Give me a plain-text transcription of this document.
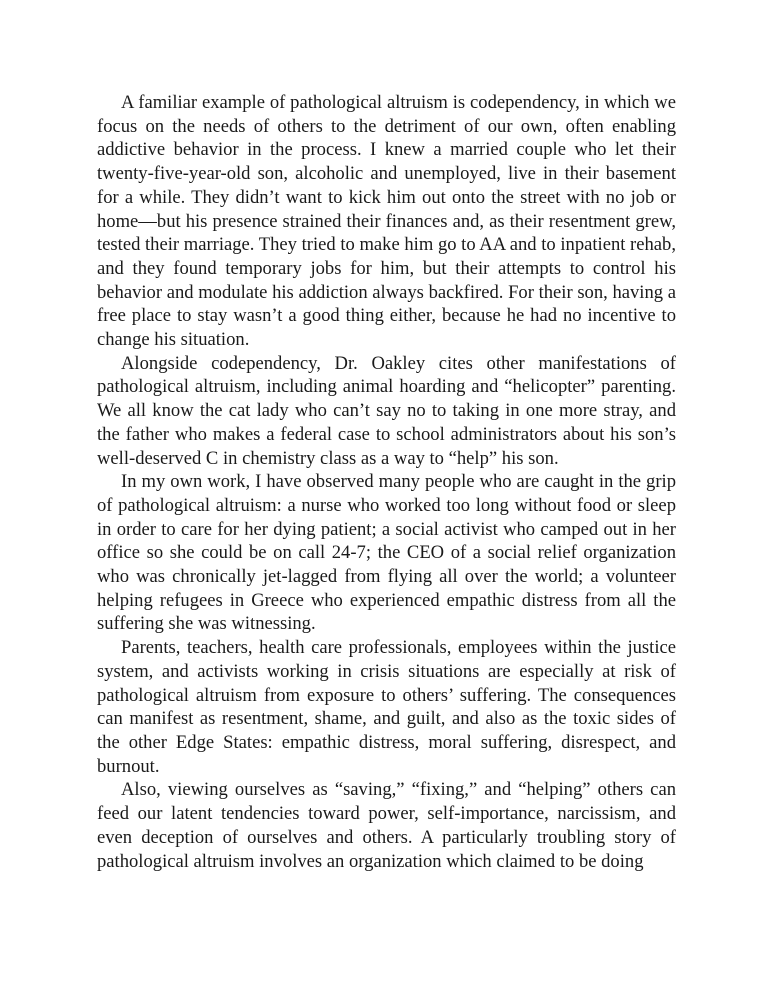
A familiar example of pathological altruism is codependency, in which we focus on the needs of others to the detriment of our own, often enabling addictive behavior in the process. I knew a married couple who let their twenty-five-year-old son, alcoholic and unemployed, live in their basement for a while. They didn’t want to kick him out onto the street with no job or home—but his presence strained their finances and, as their resentment grew, tested their marriage. They tried to make him go to AA and to inpatient rehab, and they found temporary jobs for him, but their attempts to control his behavior and modulate his addiction always backfired. For their son, having a free place to stay wasn’t a good thing either, because he had no incentive to change his situation.

Alongside codependency, Dr. Oakley cites other manifestations of pathological altruism, including animal hoarding and “helicopter” parenting. We all know the cat lady who can’t say no to taking in one more stray, and the father who makes a federal case to school administrators about his son’s well-deserved C in chemistry class as a way to “help” his son.

In my own work, I have observed many people who are caught in the grip of pathological altruism: a nurse who worked too long without food or sleep in order to care for her dying patient; a social activist who camped out in her office so she could be on call 24-7; the CEO of a social relief organization who was chronically jet-lagged from flying all over the world; a volunteer helping refugees in Greece who experienced empathic distress from all the suffering she was witnessing.

Parents, teachers, health care professionals, employees within the justice system, and activists working in crisis situations are especially at risk of pathological altruism from exposure to others’ suffering. The consequences can manifest as resentment, shame, and guilt, and also as the toxic sides of the other Edge States: empathic distress, moral suffering, disrespect, and burnout.

Also, viewing ourselves as “saving,” “fixing,” and “helping” others can feed our latent tendencies toward power, self-importance, narcissism, and even deception of ourselves and others. A particularly troubling story of pathological altruism involves an organization which claimed to be doing
